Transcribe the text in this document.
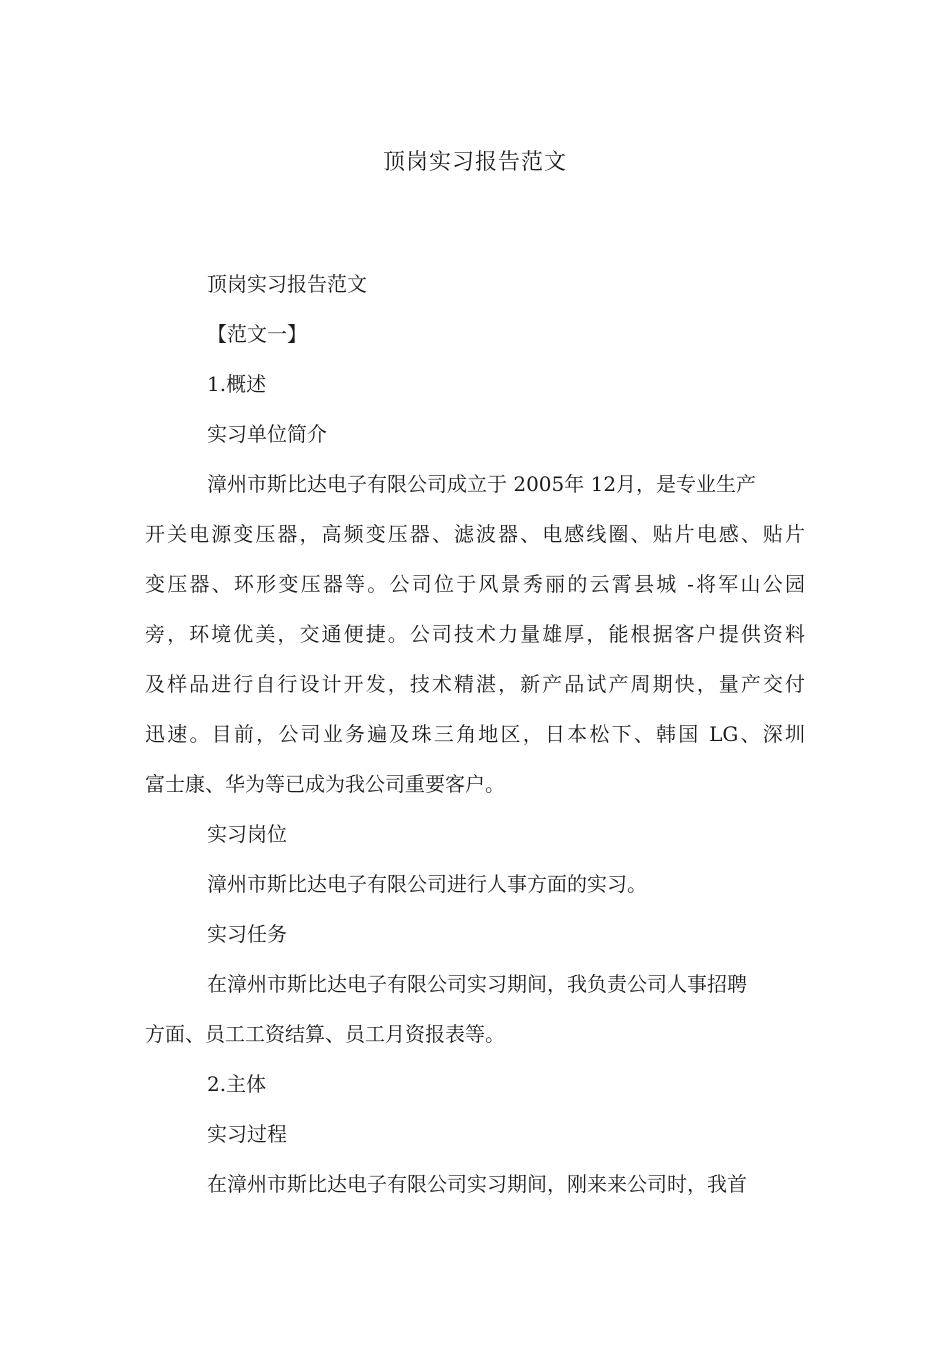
顶岗实习报告范文
顶岗实习报告范文
【范文一】
1.概述
实习单位简介
漳州市斯比达电子有限公司成立于 2005年 12月，是专业生产
开关电源变压器，高频变压器、滤波器、电感线圈、贴片电感、贴片
变压器、环形变压器等。公司位于风景秀丽的云霄县城 -将军山公园
旁，环境优美，交通便捷。公司技术力量雄厚，能根据客户提供资料
及样品进行自行设计开发，技术精湛，新产品试产周期快，量产交付
迅速。目前，公司业务遍及珠三角地区，日本松下、韩国 LG、深圳
富士康、华为等已成为我公司重要客户。
实习岗位
漳州市斯比达电子有限公司进行人事方面的实习。
实习任务
在漳州市斯比达电子有限公司实习期间，我负责公司人事招聘
方面、员工工资结算、员工月资报表等。
2.主体
实习过程
在漳州市斯比达电子有限公司实习期间，刚来来公司时，我首
